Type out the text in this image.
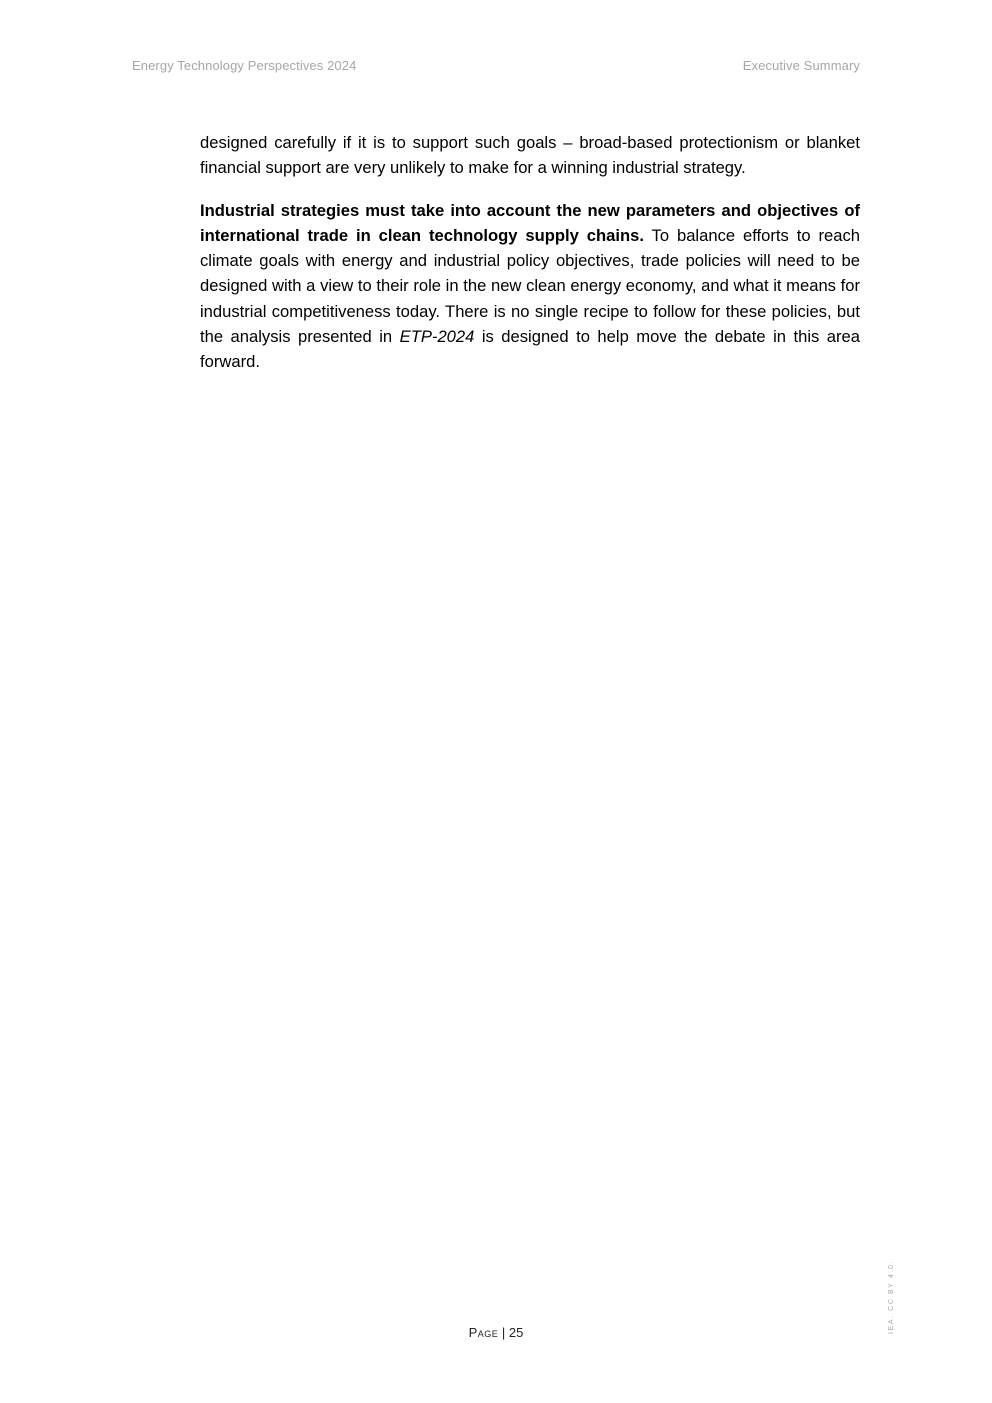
Energy Technology Perspectives 2024	Executive Summary

designed carefully if it is to support such goals – broad-based protectionism or blanket financial support are very unlikely to make for a winning industrial strategy.

Industrial strategies must take into account the new parameters and objectives of international trade in clean technology supply chains. To balance efforts to reach climate goals with energy and industrial policy objectives, trade policies will need to be designed with a view to their role in the new clean energy economy, and what it means for industrial competitiveness today. There is no single recipe to follow for these policies, but the analysis presented in ETP-2024 is designed to help move the debate in this area forward.

Page | 25	IEA. CC BY 4.0.
